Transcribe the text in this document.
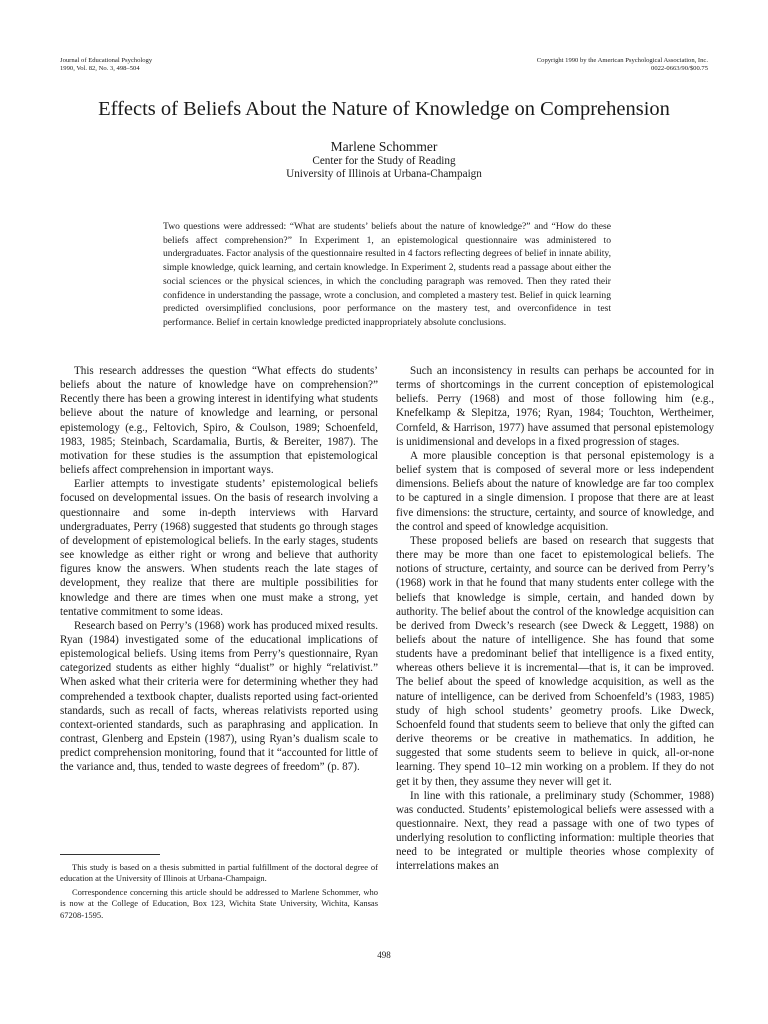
Journal of Educational Psychology
1990, Vol. 82, No. 3, 498–504
Copyright 1990 by the American Psychological Association, Inc.
0022-0663/90/$00.75
Effects of Beliefs About the Nature of Knowledge on Comprehension
Marlene Schommer
Center for the Study of Reading
University of Illinois at Urbana-Champaign

Two questions were addressed: “What are students’ beliefs about the nature of knowledge?” and “How do these beliefs affect comprehension?” In Experiment 1, an epistemological questionnaire was administered to undergraduates. Factor analysis of the questionnaire resulted in 4 factors reflecting degrees of belief in innate ability, simple knowledge, quick learning, and certain knowledge. In Experiment 2, students read a passage about either the social sciences or the physical sciences, in which the concluding paragraph was removed. Then they rated their confidence in understanding the passage, wrote a conclusion, and completed a mastery test. Belief in quick learning predicted oversimplified conclusions, poor performance on the mastery test, and overconfidence in test performance. Belief in certain knowledge predicted inappropriately absolute conclusions.

This research addresses the question “What effects do students’ beliefs about the nature of knowledge have on comprehension?” Recently there has been a growing interest in identifying what students believe about the nature of knowledge and learning, or personal epistemology (e.g., Feltovich, Spiro, & Coulson, 1989; Schoenfeld, 1983, 1985; Steinbach, Scardamalia, Burtis, & Bereiter, 1987). The motivation for these studies is the assumption that epistemological beliefs affect comprehension in important ways.

Earlier attempts to investigate students’ epistemological beliefs focused on developmental issues. On the basis of research involving a questionnaire and some in-depth interviews with Harvard undergraduates, Perry (1968) suggested that students go through stages of development of epistemological beliefs. In the early stages, students see knowledge as either right or wrong and believe that authority figures know the answers. When students reach the late stages of development, they realize that there are multiple possibilities for knowledge and there are times when one must make a strong, yet tentative commitment to some ideas.

Research based on Perry’s (1968) work has produced mixed results. Ryan (1984) investigated some of the educational implications of epistemological beliefs. Using items from Perry’s questionnaire, Ryan categorized students as either highly “dualist” or highly “relativist.” When asked what their criteria were for determining whether they had comprehended a textbook chapter, dualists reported using fact-oriented standards, such as recall of facts, whereas relativists reported using context-oriented standards, such as paraphrasing and application. In contrast, Glenberg and Epstein (1987), using Ryan’s dualism scale to predict comprehension monitoring, found that it “accounted for little of the variance and, thus, tended to waste degrees of freedom” (p. 87).

Such an inconsistency in results can perhaps be accounted for in terms of shortcomings in the current conception of epistemological beliefs. Perry (1968) and most of those following him (e.g., Knefelkamp & Slepitza, 1976; Ryan, 1984; Touchton, Wertheimer, Cornfeld, & Harrison, 1977) have assumed that personal epistemology is unidimensional and develops in a fixed progression of stages.

A more plausible conception is that personal epistemology is a belief system that is composed of several more or less independent dimensions. Beliefs about the nature of knowledge are far too complex to be captured in a single dimension. I propose that there are at least five dimensions: the structure, certainty, and source of knowledge, and the control and speed of knowledge acquisition.

These proposed beliefs are based on research that suggests that there may be more than one facet to epistemological beliefs. The notions of structure, certainty, and source can be derived from Perry’s (1968) work in that he found that many students enter college with the beliefs that knowledge is simple, certain, and handed down by authority. The belief about the control of the knowledge acquisition can be derived from Dweck’s research (see Dweck & Leggett, 1988) on beliefs about the nature of intelligence. She has found that some students have a predominant belief that intelligence is a fixed entity, whereas others believe it is incremental—that is, it can be improved. The belief about the speed of knowledge acquisition, as well as the nature of intelligence, can be derived from Schoenfeld’s (1983, 1985) study of high school students’ geometry proofs. Like Dweck, Schoenfeld found that students seem to believe that only the gifted can derive theorems or be creative in mathematics. In addition, he suggested that some students seem to believe in quick, all-or-none learning. They spend 10–12 min working on a problem. If they do not get it by then, they assume they never will get it.

In line with this rationale, a preliminary study (Schommer, 1988) was conducted. Students’ epistemological beliefs were assessed with a questionnaire. Next, they read a passage with one of two types of underlying resolution to conflicting information: multiple theories that need to be integrated or multiple theories whose complexity of interrelations makes an

This study is based on a thesis submitted in partial fulfillment of the doctoral degree of education at the University of Illinois at Urbana-Champaign.

Correspondence concerning this article should be addressed to Marlene Schommer, who is now at the College of Education, Box 123, Wichita State University, Wichita, Kansas 67208-1595.

498
